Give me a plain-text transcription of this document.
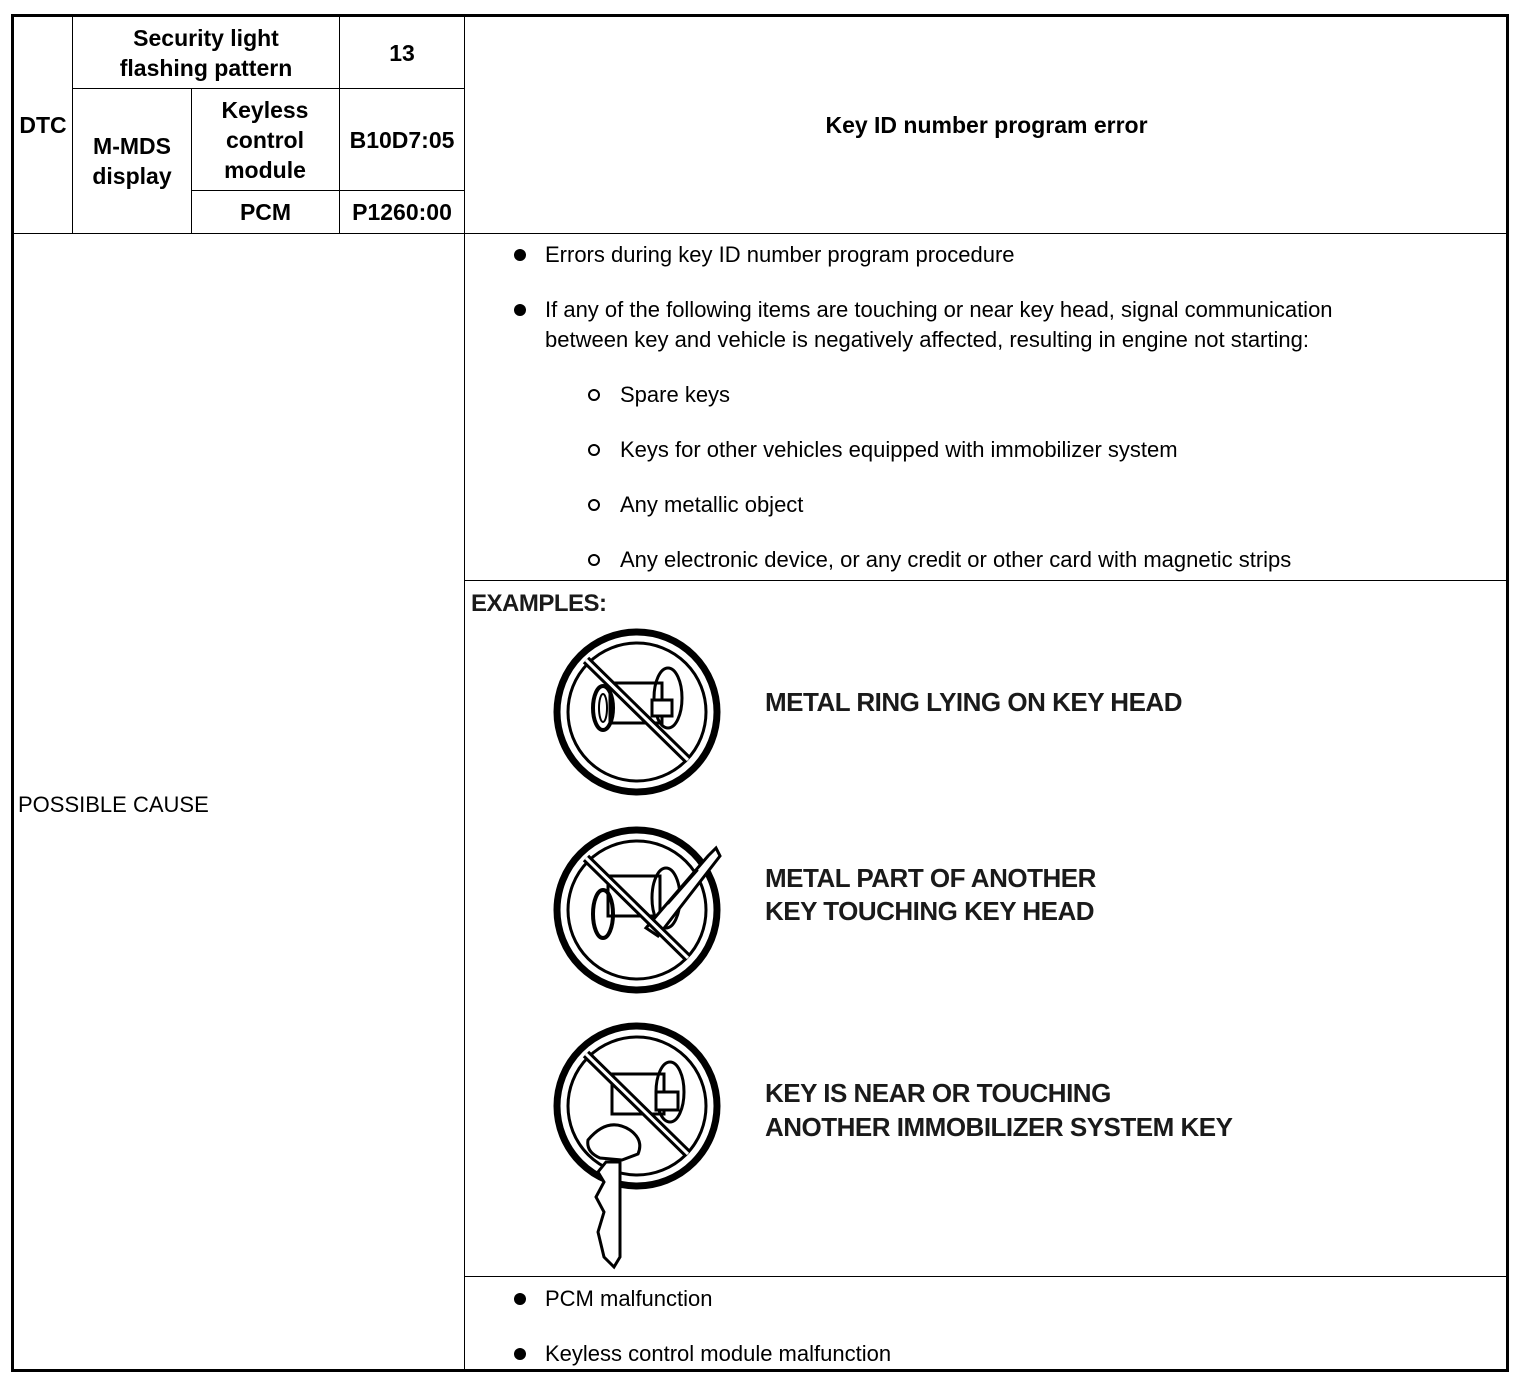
DTC
Security light flashing pattern
13
M-MDS display
Keyless control module
B10D7:05
PCM	P1260:00
Key ID number program error
POSSIBLE CAUSE
Errors during key ID number program procedure
If any of the following items are touching or near key head, signal communication
between key and vehicle is negatively affected, resulting in engine not starting:
Spare keys
Keys for other vehicles equipped with immobilizer system
Any metallic object
Any electronic device, or any credit or other card with magnetic strips
EXAMPLES:
METAL RING LYING ON KEY HEAD
METAL PART OF ANOTHER
KEY TOUCHING KEY HEAD
KEY IS NEAR OR TOUCHING
ANOTHER IMMOBILIZER SYSTEM KEY
PCM malfunction
Keyless control module malfunction
